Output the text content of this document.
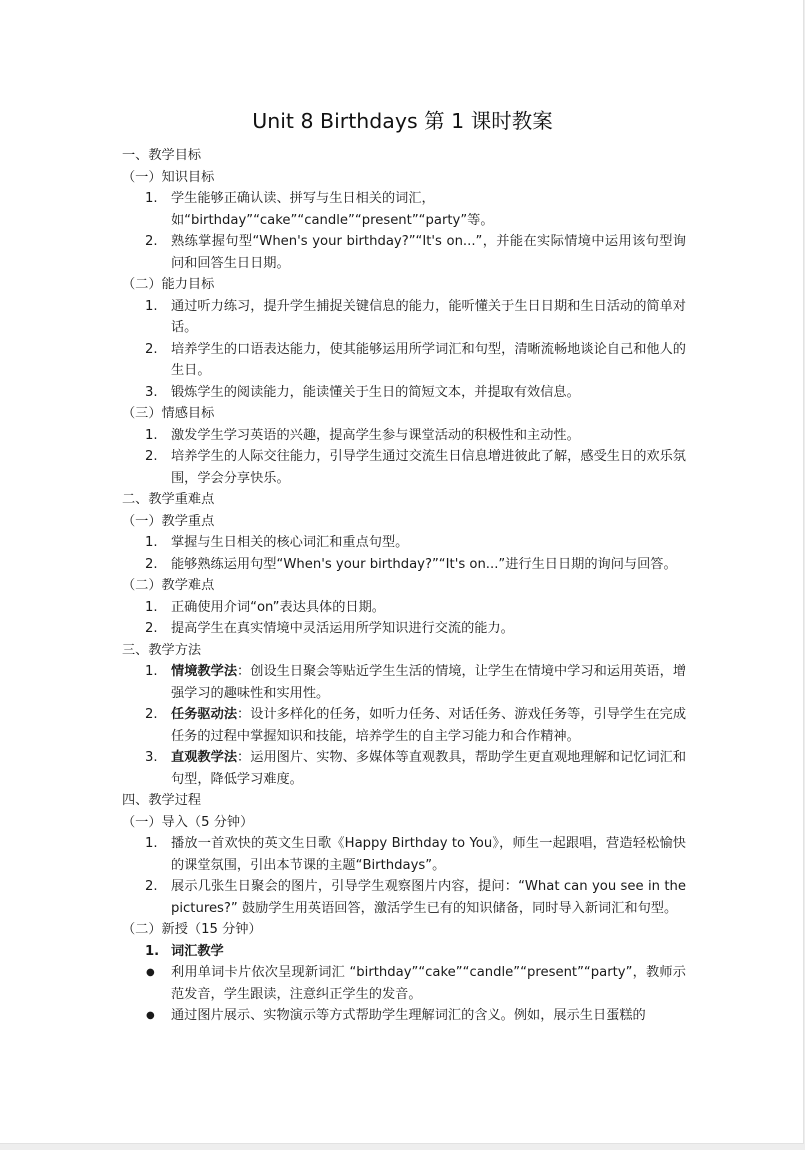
Unit 8 Birthdays 第 1 课时教案
一、教学目标
（一）知识目标
1. 学生能够正确认读、拼写与生日相关的词汇，如“birthday”“cake”“candle”“present”“party”等。
2. 熟练掌握句型“When's your birthday?”“It's on...”，并能在实际情境中运用该句型询问和回答生日日期。
（二）能力目标
1. 通过听力练习，提升学生捕捉关键信息的能力，能听懂关于生日日期和生日活动的简单对话。
2. 培养学生的口语表达能力，使其能够运用所学词汇和句型，清晰流畅地谈论自己和他人的生日。
3. 锻炼学生的阅读能力，能读懂关于生日的简短文本，并提取有效信息。
（三）情感目标
1. 激发学生学习英语的兴趣，提高学生参与课堂活动的积极性和主动性。
2. 培养学生的人际交往能力，引导学生通过交流生日信息增进彼此了解，感受生日的欢乐氛围，学会分享快乐。
二、教学重难点
（一）教学重点
1. 掌握与生日相关的核心词汇和重点句型。
2. 能够熟练运用句型“When's your birthday?”“It's on...”进行生日日期的询问与回答。
（二）教学难点
1. 正确使用介词“on”表达具体的日期。
2. 提高学生在真实情境中灵活运用所学知识进行交流的能力。
三、教学方法
1. 情境教学法：创设生日聚会等贴近学生生活的情境，让学生在情境中学习和运用英语，增强学习的趣味性和实用性。
2. 任务驱动法：设计多样化的任务，如听力任务、对话任务、游戏任务等，引导学生在完成任务的过程中掌握知识和技能，培养学生的自主学习能力和合作精神。
3. 直观教学法：运用图片、实物、多媒体等直观教具，帮助学生更直观地理解和记忆词汇和句型，降低学习难度。
四、教学过程
（一）导入（5 分钟）
1. 播放一首欢快的英文生日歌《Happy Birthday to You》，师生一起跟唱，营造轻松愉快的课堂氛围，引出本节课的主题“Birthdays”。
2. 展示几张生日聚会的图片，引导学生观察图片内容，提问：“What can you see in the pictures?” 鼓励学生用英语回答，激活学生已有的知识储备，同时导入新词汇和句型。
（二）新授（15 分钟）
1. 词汇教学
● 利用单词卡片依次呈现新词汇 “birthday”“cake”“candle”“present”“party”，教师示范发音，学生跟读，注意纠正学生的发音。
● 通过图片展示、实物演示等方式帮助学生理解词汇的含义。例如，展示生日蛋糕的
